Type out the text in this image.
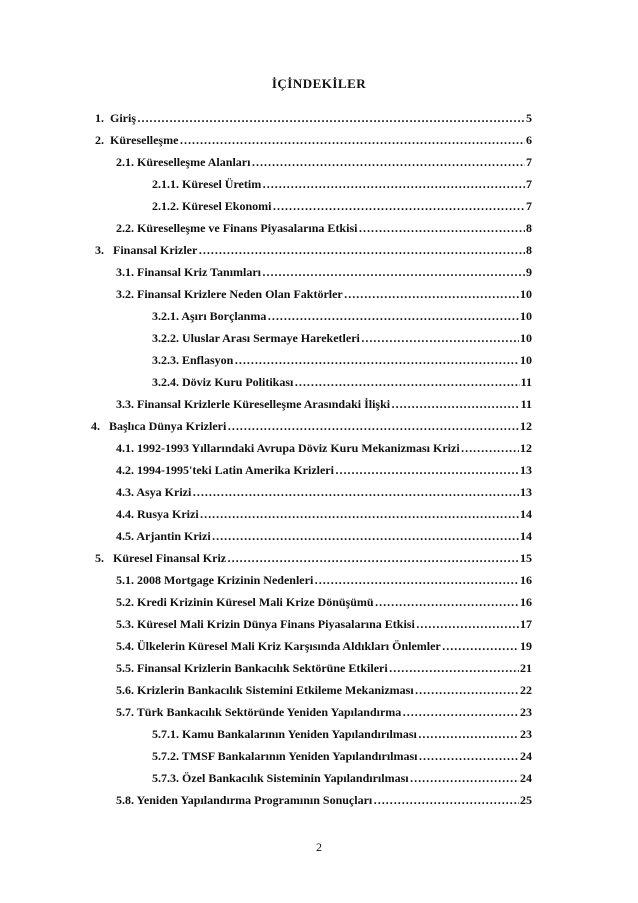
İÇİNDEKİLER
1.  Giriş …………………………………………………………………………………………………………………………………………………………	5
2.  Küreselleşme …………………………………………………………………………………………………………………………………………………………	6
2.1. Küreselleşme Alanları …………………………………………………………………………………………………………………………………………………………	7
2.1.1. Küresel Üretim …………………………………………………………………………………………………………………………………………………………	7
2.1.2. Küresel Ekonomi …………………………………………………………………………………………………………………………………………………………	7
2.2. Küreselleşme ve Finans Piyasalarına Etkisi …………………………………………………………………………………………………………………………………………………………	8
3.   Finansal Krizler …………………………………………………………………………………………………………………………………………………………	8
3.1. Finansal Kriz Tanımları …………………………………………………………………………………………………………………………………………………………	9
3.2. Finansal Krizlere Neden Olan Faktörler …………………………………………………………………………………………………………………………………………………………	10
3.2.1. Aşırı Borçlanma …………………………………………………………………………………………………………………………………………………………	10
3.2.2. Uluslar Arası Sermaye Hareketleri …………………………………………………………………………………………………………………………………………………………	10
3.2.3. Enflasyon …………………………………………………………………………………………………………………………………………………………	10
3.2.4. Döviz Kuru Politikası …………………………………………………………………………………………………………………………………………………………	11
3.3. Finansal Krizlerle Küreselleşme Arasındaki İlişki …………………………………………………………………………………………………………………………………………………………	11
4.   Başlıca Dünya Krizleri …………………………………………………………………………………………………………………………………………………………	12
4.1. 1992-1993 Yıllarındaki Avrupa Döviz Kuru Mekanizması Krizi …………………………………………………………………………………………………………………………………………………………	12
4.2. 1994-1995'teki Latin Amerika Krizleri …………………………………………………………………………………………………………………………………………………………	13
4.3. Asya Krizi …………………………………………………………………………………………………………………………………………………………	13
4.4. Rusya Krizi …………………………………………………………………………………………………………………………………………………………	14
4.5. Arjantin Krizi …………………………………………………………………………………………………………………………………………………………	14
5.   Küresel Finansal Kriz …………………………………………………………………………………………………………………………………………………………	15
5.1. 2008 Mortgage Krizinin Nedenleri …………………………………………………………………………………………………………………………………………………………	16
5.2. Kredi Krizinin Küresel Mali Krize Dönüşümü …………………………………………………………………………………………………………………………………………………………	16
5.3. Küresel Mali Krizin Dünya Finans Piyasalarına Etkisi …………………………………………………………………………………………………………………………………………………………	17
5.4. Ülkelerin Küresel Mali Kriz Karşısında Aldıkları Önlemler …………………………………………………………………………………………………………………………………………………………	19
5.5. Finansal Krizlerin Bankacılık Sektörüne Etkileri …………………………………………………………………………………………………………………………………………………………	21
5.6. Krizlerin Bankacılık Sistemini Etkileme Mekanizması …………………………………………………………………………………………………………………………………………………………	22
5.7. Türk Bankacılık Sektöründe Yeniden Yapılandırma …………………………………………………………………………………………………………………………………………………………	23
5.7.1. Kamu Bankalarının Yeniden Yapılandırılması …………………………………………………………………………………………………………………………………………………………	23
5.7.2. TMSF Bankalarının Yeniden Yapılandırılması …………………………………………………………………………………………………………………………………………………………	24
5.7.3. Özel Bankacılık Sisteminin Yapılandırılması …………………………………………………………………………………………………………………………………………………………	24
5.8. Yeniden Yapılandırma Programının Sonuçları …………………………………………………………………………………………………………………………………………………………	25
2
